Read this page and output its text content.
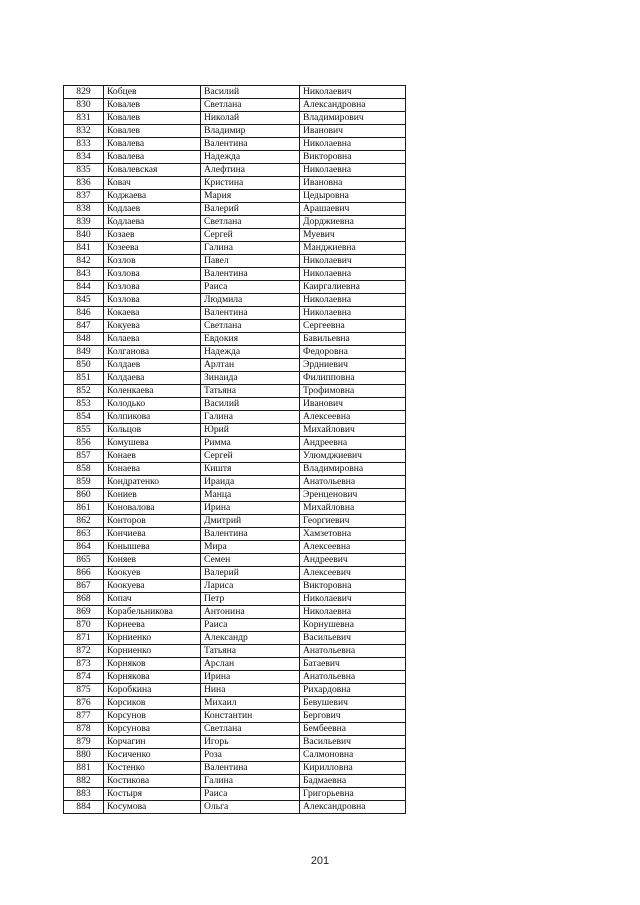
829	Кобцев	Василий	Николаевич
830	Ковалев	Светлана	Александровна
831	Ковалев	Николай	Владимирович
832	Ковалев	Владимир	Иванович
833	Ковалева	Валентина	Николаевна
834	Ковалева	Надежда	Викторовна
835	Ковалевская	Алефтина	Николаевна
836	Ковач	Кристина	Ивановна
837	Коджаева	Мария	Цедыровна
838	Кодлаев	Валерий	Арашаевич
839	Кодлаева	Светлана	Дорджиевна
840	Козаев	Сергей	Муевич
841	Козеева	Галина	Манджиевна
842	Козлов	Павел	Николаевич
843	Козлова	Валентина	Николаевна
844	Козлова	Раиса	Каиргалиевна
845	Козлова	Людмила	Николаевна
846	Кокаева	Валентина	Николаевна
847	Кокуева	Светлана	Сергеевна
848	Колаева	Евдокия	Бавильевна
849	Колганова	Надежда	Федоровна
850	Колдаев	Арлтан	Эрдниевич
851	Колдаева	Зинаида	Филипповна
852	Коленкаева	Татьяна	Трофимовна
853	Колодько	Василий	Иванович
854	Колпикова	Галина	Алексеевна
855	Кольцов	Юрий	Михайлович
856	Комушева	Римма	Андреевна
857	Конаев	Сергей	Улюмджиевич
858	Конаева	Киштя	Владимировна
859	Кондратенко	Ираида	Анатольевна
860	Кониев	Манца	Эренценович
861	Коновалова	Ирина	Михайловна
862	Конторов	Дмитрий	Георгиевич
863	Кончиева	Валентина	Хамзетовна
864	Конышева	Мира	Алексеевна
865	Коняев	Семен	Андреевич
866	Коокуев	Валерий	Алексеевич
867	Коокуева	Лариса	Викторовна
868	Копач	Петр	Николаевич
869	Корабельникова	Антонина	Николаевна
870	Корнеева	Раиса	Корнушевна
871	Корниенко	Александр	Васильевич
872	Корниенко	Татьяна	Анатольевна
873	Корняков	Арслан	Батаевич
874	Корнякова	Ирина	Анатольевна
875	Коробкина	Нина	Рихардовна
876	Корсиков	Михаил	Бевушевич
877	Корсунов	Константин	Бергович
878	Корсунова	Светлана	Бембеевна
879	Корчагин	Игорь	Васильевич
880	Косиченко	Роза	Салмоновна
881	Костенко	Валентина	Кирилловна
882	Костикова	Галина	Бадмаевна
883	Костыря	Раиса	Григорьевна
884	Косумова	Ольга	Александровна
201
